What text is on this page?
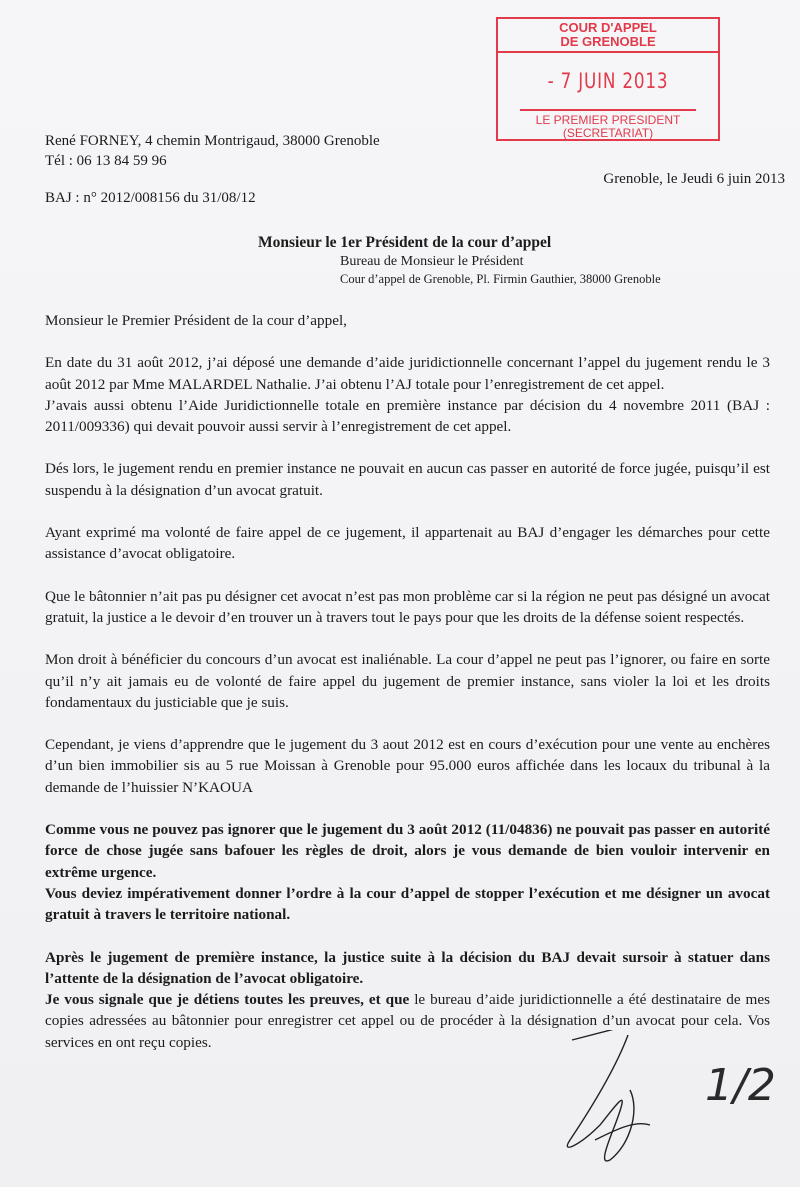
COUR D'APPEL
DE GRENOBLE
- 7 JUIN 2013
LE PREMIER PRESIDENT
(SECRETARIAT)
René FORNEY, 4 chemin Montrigaud, 38000 Grenoble
Tél : 06 13 84 59 96
Grenoble, le Jeudi 6 juin 2013
BAJ : n° 2012/008156 du 31/08/12
Monsieur le 1er Président de la cour d’appel
Bureau de Monsieur le Président
Cour d’appel de Grenoble, Pl. Firmin Gauthier, 38000 Grenoble

Monsieur le Premier Président de la cour d’appel,

En date du 31 août 2012, j’ai déposé une demande d’aide juridictionnelle concernant l’appel du jugement rendu le 3 août 2012 par Mme MALARDEL Nathalie. J’ai obtenu l’AJ totale pour l’enregistrement de cet appel.

J’avais aussi obtenu l’Aide Juridictionnelle totale en première instance par décision du 4 novembre 2011 (BAJ : 2011/009336) qui devait pouvoir aussi servir à l’enregistrement de cet appel.

Dés lors, le jugement rendu en premier instance ne pouvait en aucun cas passer en autorité de force jugée, puisqu’il est suspendu à la désignation d’un avocat gratuit.

Ayant exprimé ma volonté de faire appel de ce jugement, il appartenait au BAJ d’engager les démarches pour cette assistance d’avocat obligatoire.

Que le bâtonnier n’ait pas pu désigner cet avocat n’est pas mon problème car si la région ne peut pas désigné un avocat gratuit, la justice a le devoir d’en trouver un à travers tout le pays pour que les droits de la défense soient respectés.

Mon droit à bénéficier du concours d’un avocat est inaliénable. La cour d’appel ne peut pas l’ignorer, ou faire en sorte qu’il n’y ait jamais eu de volonté de faire appel du jugement de premier instance, sans violer la loi et les droits fondamentaux du justiciable que je suis.

Cependant, je viens d’apprendre que le jugement du 3 aout 2012 est en cours d’exécution pour une vente au enchères d’un bien immobilier sis au 5 rue Moissan à Grenoble pour 95.000 euros affichée dans les locaux du tribunal à la demande de l’huissier N’KAOUA

Comme vous ne pouvez pas ignorer que le jugement du 3 août 2012 (11/04836) ne pouvait pas passer en autorité force de chose jugée sans bafouer les règles de droit, alors je vous demande de bien vouloir intervenir en extrême urgence.

Vous deviez impérativement donner l’ordre à la cour d’appel de stopper l’exécution et me désigner un avocat gratuit à travers le territoire national.

Après le jugement de première instance, la justice suite à la décision du BAJ devait sursoir à statuer dans l’attente de la désignation de l’avocat obligatoire.

Je vous signale que je détiens toutes les preuves, et que le bureau d’aide juridictionnelle a été destinataire de mes copies adressées au bâtonnier pour enregistrer cet appel ou de procéder à la désignation d’un avocat pour cela. Vos services en ont reçu copies.

1/2
